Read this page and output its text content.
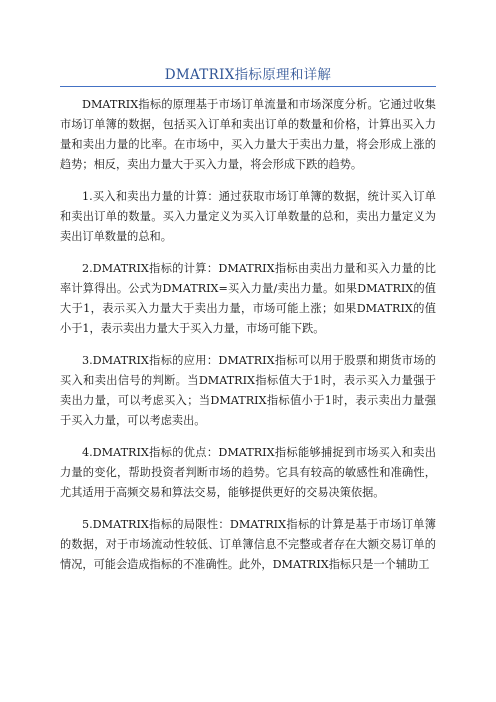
DMATRIX指标原理和详解

DMATRIX指标的原理基于市场订单流量和市场深度分析。它通过收集市场订单簿的数据，包括买入订单和卖出订单的数量和价格，计算出买入力量和卖出力量的比率。在市场中，买入力量大于卖出力量，将会形成上涨的趋势；相反，卖出力量大于买入力量，将会形成下跌的趋势。

1.买入和卖出力量的计算：通过获取市场订单簿的数据，统计买入订单和卖出订单的数量。买入力量定义为买入订单数量的总和，卖出力量定义为卖出订单数量的总和。

2.DMATRIX指标的计算：DMATRIX指标由卖出力量和买入力量的比率计算得出。公式为DMATRIX=买入力量/卖出力量。如果DMATRIX的值大于1，表示买入力量大于卖出力量，市场可能上涨；如果DMATRIX的值小于1，表示卖出力量大于买入力量，市场可能下跌。

3.DMATRIX指标的应用：DMATRIX指标可以用于股票和期货市场的买入和卖出信号的判断。当DMATRIX指标值大于1时，表示买入力量强于卖出力量，可以考虑买入；当DMATRIX指标值小于1时，表示卖出力量强于买入力量，可以考虑卖出。

4.DMATRIX指标的优点：DMATRIX指标能够捕捉到市场买入和卖出力量的变化，帮助投资者判断市场的趋势。它具有较高的敏感性和准确性，尤其适用于高频交易和算法交易，能够提供更好的交易决策依据。

5.DMATRIX指标的局限性：DMATRIX指标的计算是基于市场订单簿的数据，对于市场流动性较低、订单簿信息不完整或者存在大额交易订单的情况，可能会造成指标的不准确性。此外，DMATRIX指标只是一个辅助工
